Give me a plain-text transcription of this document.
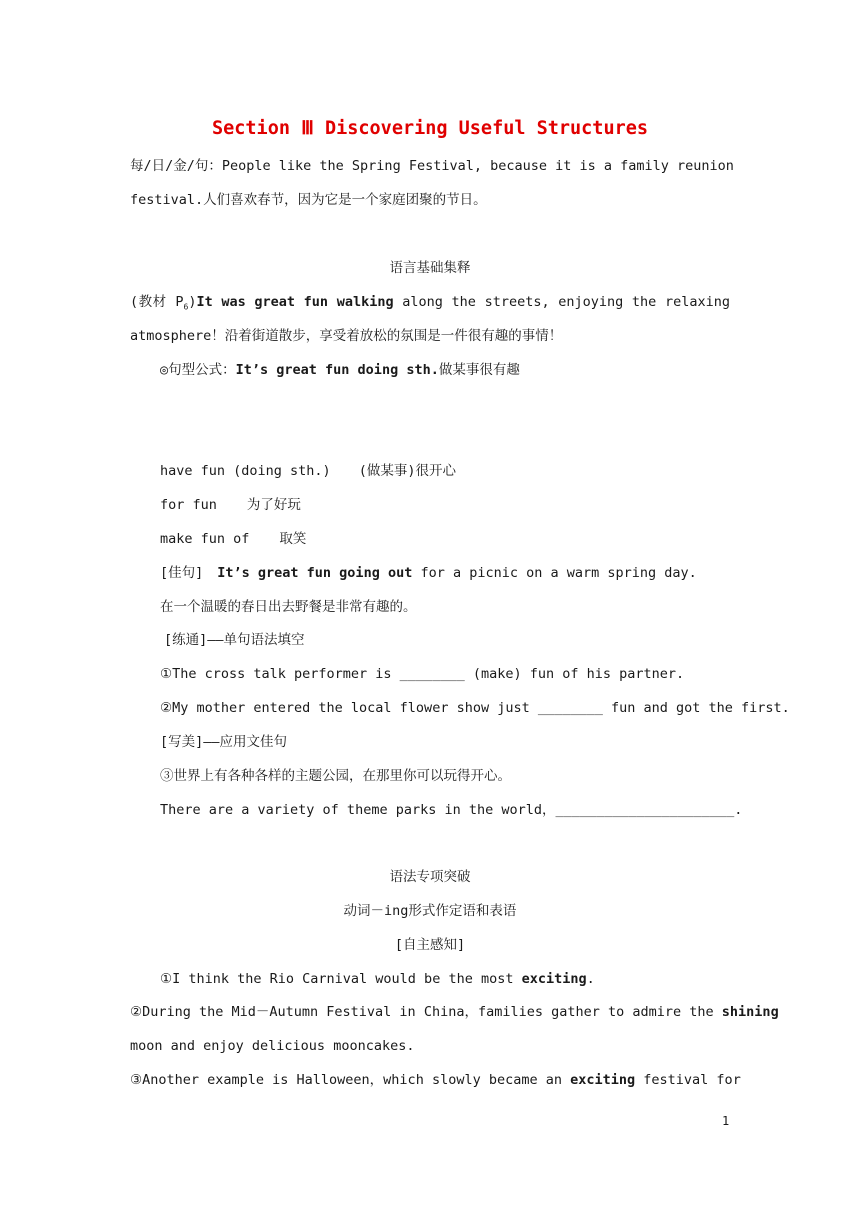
Section Ⅲ Discovering Useful Structures

每/日/金/句：People like the Spring Festival, because it is a family reunion

festival.人们喜欢春节，因为它是一个家庭团聚的节日。

语言基础集释

(教材 $P_6)It$ was great fun walking along the streets, enjoying the relaxing

atmosphere！沿着街道散步，享受着放松的氛围是一件很有趣的事情！

◎句型公式：It’s great fun doing sth.做某事很有趣

have fun (doing sth.) (做某事)很开心

for fun 为了好玩

make fun of 取笑

[佳句] It’s great fun going out for a picnic on a warm spring day.

在一个温暖的春日出去野餐是非常有趣的。

[练通]——单句语法填空

①The cross talk performer is ________ (make) fun of his partner.

②My mother entered the local flower show just ________ fun and got the first.

[写美]——应用文佳句

③世界上有各种各样的主题公园，在那里你可以玩得开心。

There are a variety of theme parks in the world，______________________.

语法专项突破

动词－ing形式作定语和表语

[自主感知]

①I think the Rio Carnival would be the most exciting.

②During the Mid－Autumn Festival in China，families gather to admire the shining

moon and enjoy delicious mooncakes.

③Another example is Halloween，which slowly became an exciting festival for

1
